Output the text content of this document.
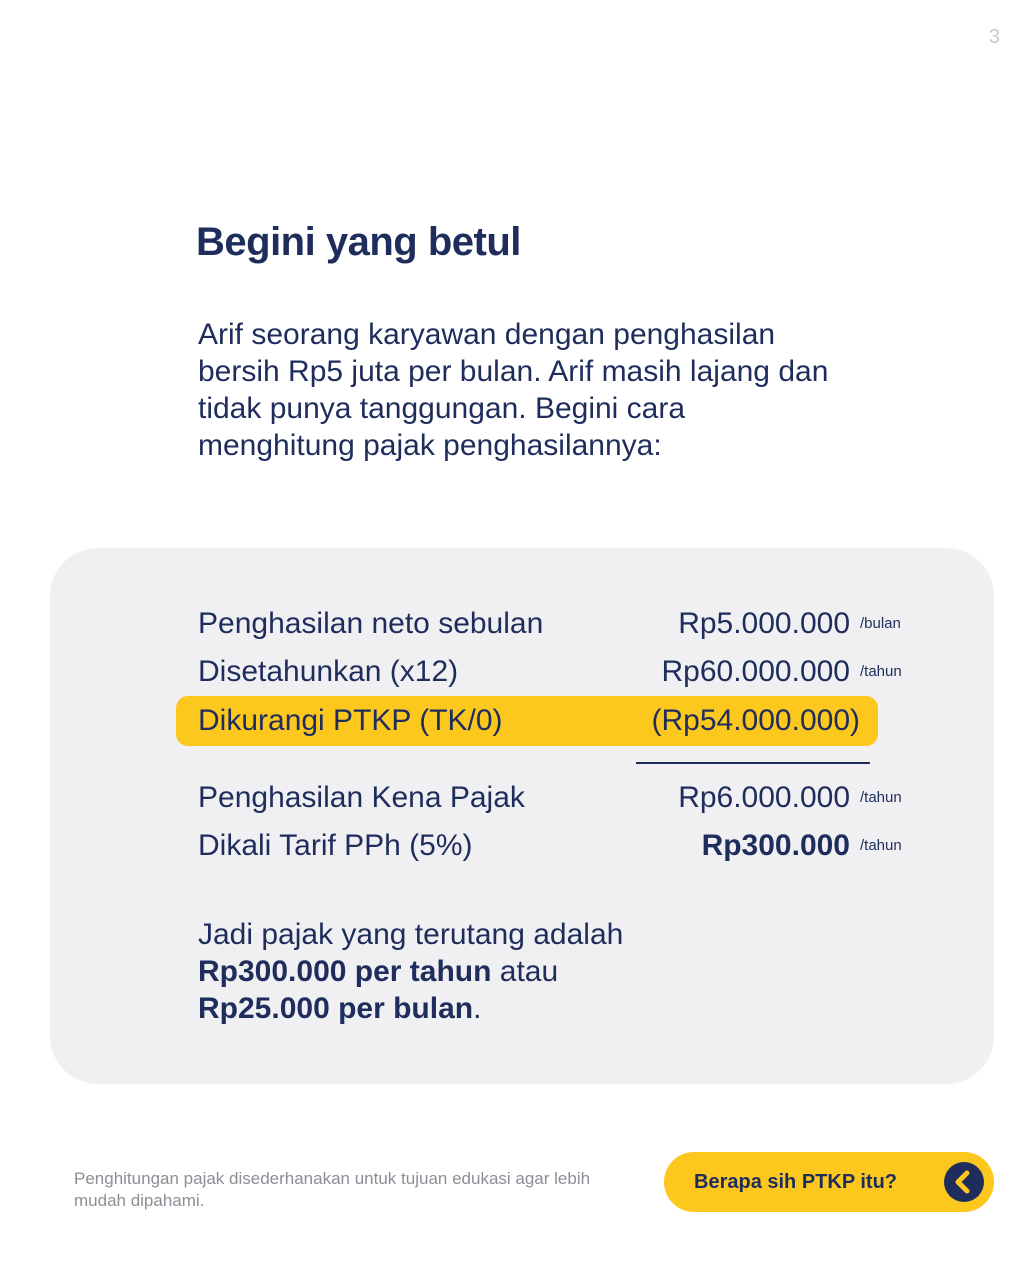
3
Begini yang betul

Arif seorang karyawan dengan penghasilan bersih Rp5 juta per bulan. Arif masih lajang dan tidak punya tanggungan. Begini cara menghitung pajak penghasilannya:

Penghasilan neto sebulan	Rp5.000.000 /bulan
Disetahunkan (x12)	Rp60.000.000 /tahun
Dikurangi PTKP (TK/0)	(Rp54.000.000)
Penghasilan Kena Pajak	Rp6.000.000 /tahun
Dikali Tarif PPh (5%)	Rp300.000 /tahun

Jadi pajak yang terutang adalah
Rp300.000 per tahun atau
Rp25.000 per bulan.

Penghitungan pajak disederhanakan untuk tujuan edukasi agar lebih mudah dipahami.

Berapa sih PTKP itu?
